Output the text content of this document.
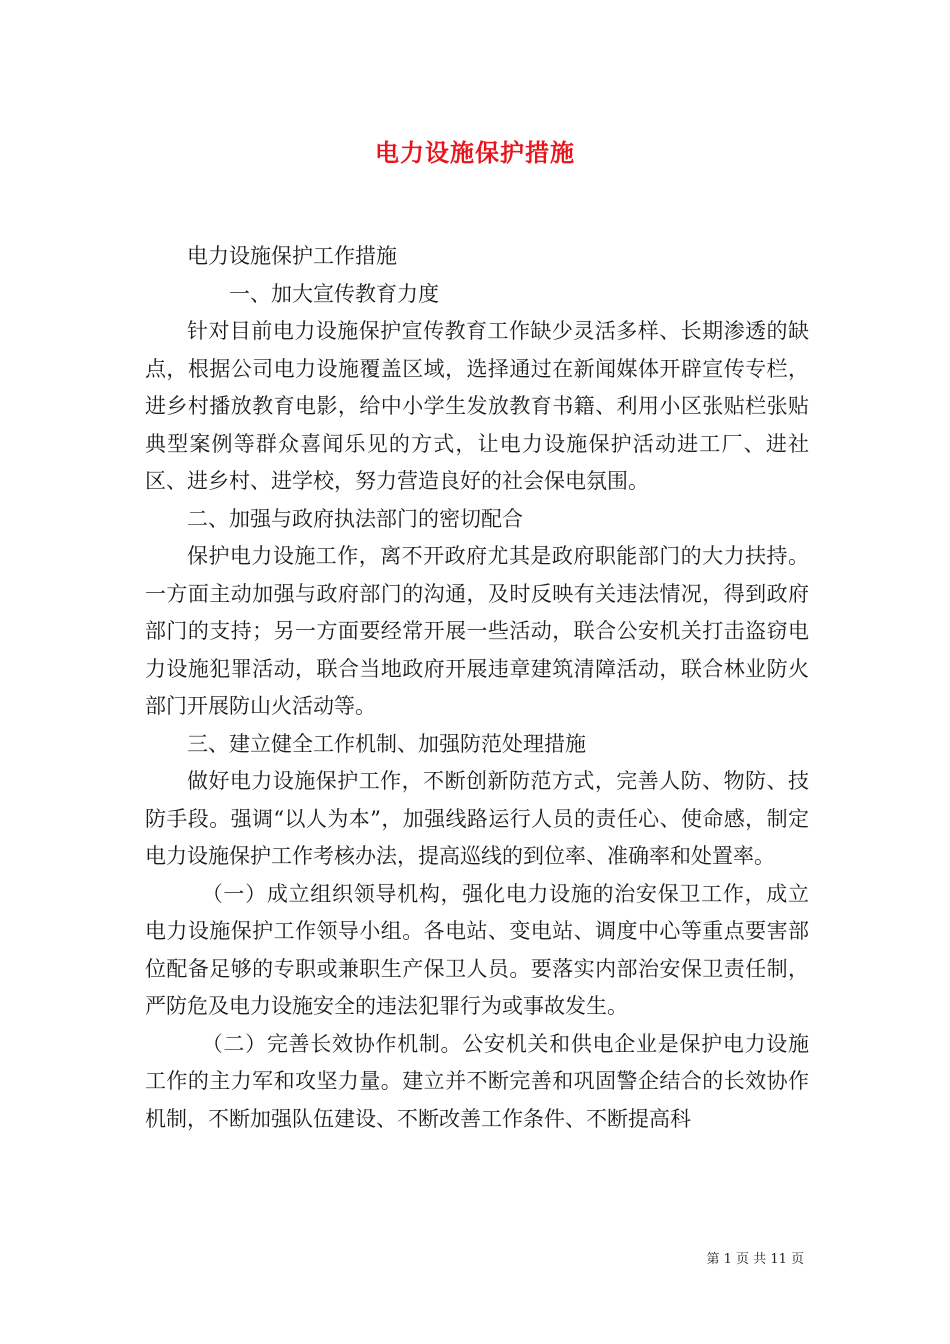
电力设施保护措施

电力设施保护工作措施

一、加大宣传教育力度

针对目前电力设施保护宣传教育工作缺少灵活多样、长期渗透的缺点，根据公司电力设施覆盖区域，选择通过在新闻媒体开辟宣传专栏，进乡村播放教育电影，给中小学生发放教育书籍、利用小区张贴栏张贴典型案例等群众喜闻乐见的方式，让电力设施保护活动进工厂、进社区、进乡村、进学校，努力营造良好的社会保电氛围。

二、加强与政府执法部门的密切配合

保护电力设施工作，离不开政府尤其是政府职能部门的大力扶持。一方面主动加强与政府部门的沟通，及时反映有关违法情况，得到政府部门的支持；另一方面要经常开展一些活动，联合公安机关打击盗窃电力设施犯罪活动，联合当地政府开展违章建筑清障活动，联合林业防火部门开展防山火活动等。

三、建立健全工作机制、加强防范处理措施

做好电力设施保护工作，不断创新防范方式，完善人防、物防、技防手段。强调“以人为本”，加强线路运行人员的责任心、使命感，制定电力设施保护工作考核办法，提高巡线的到位率、准确率和处置率。

（一）成立组织领导机构，强化电力设施的治安保卫工作，成立电力设施保护工作领导小组。各电站、变电站、调度中心等重点要害部位配备足够的专职或兼职生产保卫人员。要落实内部治安保卫责任制，严防危及电力设施安全的违法犯罪行为或事故发生。

（二）完善长效协作机制。公安机关和供电企业是保护电力设施工作的主力军和攻坚力量。建立并不断完善和巩固警企结合的长效协作机制，不断加强队伍建设、不断改善工作条件、不断提高科

第 1 页 共 11 页
